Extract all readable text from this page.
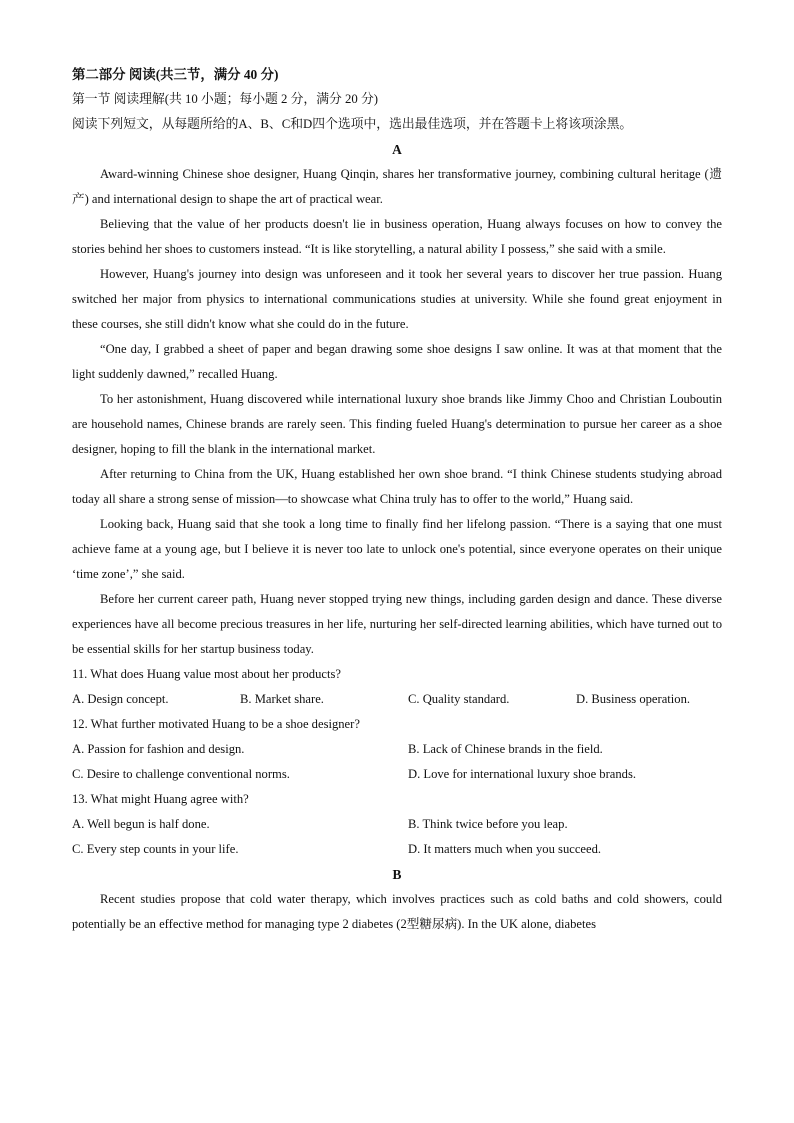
第二部分 阅读(共三节，满分 40 分)
第一节 阅读理解(共 10 小题；每小题 2 分，满分 20 分)
阅读下列短文，从每题所给的A、B、C和D四个选项中，选出最佳选项，并在答题卡上将该项涂黑。
A

Award-winning Chinese shoe designer, Huang Qinqin, shares her transformative journey, combining cultural heritage (遗产) and international design to shape the art of practical wear.

Believing that the value of her products doesn't lie in business operation, Huang always focuses on how to convey the stories behind her shoes to customers instead. “It is like storytelling, a natural ability I possess,” she said with a smile.

However, Huang's journey into design was unforeseen and it took her several years to discover her true passion. Huang switched her major from physics to international communications studies at university. While she found great enjoyment in these courses, she still didn't know what she could do in the future.

“One day, I grabbed a sheet of paper and began drawing some shoe designs I saw online. It was at that moment that the light suddenly dawned,” recalled Huang.

To her astonishment, Huang discovered while international luxury shoe brands like Jimmy Choo and Christian Louboutin are household names, Chinese brands are rarely seen. This finding fueled Huang's determination to pursue her career as a shoe designer, hoping to fill the blank in the international market.

After returning to China from the UK, Huang established her own shoe brand. “I think Chinese students studying abroad today all share a strong sense of mission—to showcase what China truly has to offer to the world,” Huang said.

Looking back, Huang said that she took a long time to finally find her lifelong passion. “There is a saying that one must achieve fame at a young age, but I believe it is never too late to unlock one's potential, since everyone operates on their unique ‘time zone’,” she said.

Before her current career path, Huang never stopped trying new things, including garden design and dance. These diverse experiences have all become precious treasures in her life, nurturing her self-directed learning abilities, which have turned out to be essential skills for her startup business today.

11. What does Huang value most about her products?
A. Design concept.	B. Market share.	C. Quality standard.	D. Business operation.
12. What further motivated Huang to be a shoe designer?
A. Passion for fashion and design.	B. Lack of Chinese brands in the field.
C. Desire to challenge conventional norms.	D. Love for international luxury shoe brands.
13. What might Huang agree with?
A. Well begun is half done.	B. Think twice before you leap.
C. Every step counts in your life.	D. It matters much when you succeed.
B

Recent studies propose that cold water therapy, which involves practices such as cold baths and cold showers, could potentially be an effective method for managing type 2 diabetes (2型糖尿病). In the UK alone, diabetes
